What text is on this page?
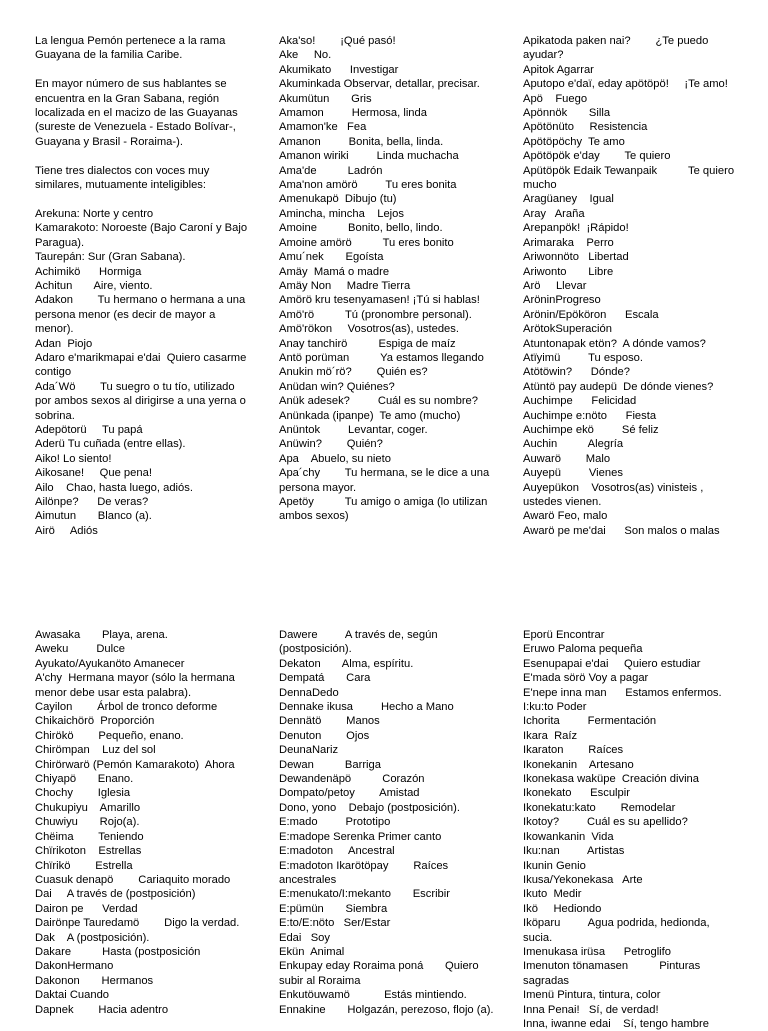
La lengua Pemón pertenece a la rama Guayana de la familia Caribe.

En mayor número de sus hablantes se encuentra en la Gran Sabana, región localizada en el macizo de las Guayanas (sureste de Venezuela - Estado Bolívar-, Guayana y Brasil - Roraima-).

Tiene tres dialectos con voces muy similares, mutuamente inteligibles:

Arekuna: Norte y centro

Kamarakoto: Noroeste (Bajo Caroní y Bajo Paragua).

Taurepán: Sur (Gran Sabana).

Achimikö      Hormiga

Achitun       Aire, viento.

Adakon        Tu hermano o hermana a una persona menor (es decir de mayor a menor).

Adan  Piojo

Adaro e'marikmapai e'dai  Quiero casarme contigo

Ada´Wö        Tu suegro o tu tío, utilizado por ambos sexos al dirigirse a una yerna o sobrina.

Adepötorü     Tu papá

Aderü Tu cuñada (entre ellas).

Aiko! Lo siento!

Aikosane!     Que pena!

Ailo    Chao, hasta luego, adiós.

Ailönpe?      De veras?

Aimutun       Blanco (a).

Airö     Adiós

Aka'so!        ¡Qué pasó!

Ake     No.

Akumikato      Investigar

Akuminkada Observar, detallar, precisar.

Akumütun       Gris

Amamon         Hermosa, linda

Amamon'ke   Fea

Amanon         Bonita, bella, linda.

Amanon wiriki         Linda muchacha

Ama'de          Ladrón

Ama'non amörö         Tu eres bonita

Amenukapö  Dibujo (tu)

Amincha, mincha    Lejos

Amoine          Bonito, bello, lindo.

Amoine amörö          Tu eres bonito

Amu´nek       Egoísta

Amäy  Mamá o madre

Amäy Non     Madre Tierra

Amörö kru tesenyamasen! ¡Tú si hablas!

Amö'rö          Tú (pronombre personal).

Amö'rökon     Vosotros(as), ustedes.

Anay tanchirö          Espiga de maíz

Antö porüman          Ya estamos llegando

Anukin mö´rö?        Quién es?

Anüdan win? Quiénes?

Anük adesek?         Cuál es su nombre?

Anünkada (ipanpe)  Te amo (mucho)

Anüntok         Levantar, coger.

Anüwin?        Quién?

Apa    Abuelo, su nieto

Apa´chy        Tu hermana, se le dice a una persona mayor.

Apetöy          Tu amigo o amiga (lo utilizan ambos sexos)

Apikatoda paken nai?        ¿Te puedo ayudar?

Apitok Agarrar

Aputopo e'daï, eday apötöpö!     ¡Te amo!

Apö    Fuego

Apönnök       Silla

Apötönüto     Resistencia

Apötöpöchy  Te amo

Apötöpök e'day        Te quiero

Apütöpök Edaik Tewanpaik          Te quiero mucho

Aragüaney    Igual

Aray   Araña

Arepanpök!  ¡Rápido!

Arimaraka    Perro

Ariwonnöto   Libertad

Ariwonto       Libre

Arö     Llevar

AröninProgreso

Arönin/Epököron      Escala

ArötokSuperación

Atuntonapak etön?  A dónde vamos?

Atïyimü         Tu esposo.

Atötöwin?      Dónde?

Atüntö pay audepü  De dónde vienes?

Auchimpe      Felicidad

Auchimpe e:nöto      Fiesta

Auchimpe ekö         Sé feliz

Auchin          Alegría

Auwarö        Malo

Auyepü         Vienes

Auyepükon    Vosotros(as) vinisteis , ustedes vienen.

Awarö Feo, malo

Awarö pe me'dai      Son malos o malas

Awasaka       Playa, arena.

Aweku         Dulce

Ayukato/Ayukanöto Amanecer

A'chy  Hermana mayor (sólo la hermana menor debe usar esta palabra).

Cayilon        Árbol de tronco deforme

Chikaichörö  Proporción

Chirökö        Pequeño, enano.

Chirömpan    Luz del sol

Chirörwarö (Pemón Kamarakoto)  Ahora

Chiyapö       Enano.

Chochy        Iglesia

Chukupiyu    Amarillo

Chuwiyu       Rojo(a).

Chëima        Teniendo

Chïrikoton    Estrellas

Chïrikö        Estrella

Cuasuk denapö        Cariaquito morado

Dai     A través de (postposición)

Dairon pe      Verdad

Dairönpe Tauredamö        Digo la verdad.

Dak    A (postposición).

Dakare          Hasta (postposición

DakonHermano

Dakonon       Hermanos

Daktai Cuando

Dapnek        Hacia adentro

Dawere         A través de, según (postposición).

Dekaton       Alma, espíritu.

Dempatá       Cara

DennaDedo

Dennake ikusa         Hecho a Mano

Dennätö        Manos

Denuton        Ojos

DeunaNariz

Dewan          Barriga

Dewandenäpö          Corazón

Dompato/petoy        Amistad

Dono, yono    Debajo (postposición).

E:mado         Prototipo

E:madope Serenka Primer canto

E:madoton     Ancestral

E:madoton Ikarötöpay        Raíces ancestrales

E:menukato/I:mekanto       Escribir

E:pümün       Siembra

E:to/E:nöto   Ser/Estar

Edai   Soy

Ekün  Animal

Enkupay eday Roraima poná       Quiero subir al Roraima

Enkutöuwamö           Estás mintiendo.

Ennakine       Holgazán, perezoso, flojo (a).

Eporü Encontrar

Eruwo Paloma pequeña

Esenupapai e'dai     Quiero estudiar

E'mada sörö Voy a pagar

E'nepe inna man      Estamos enfermos.

I:ku:to Poder

Ichorita         Fermentación

Ikara  Raíz

Ikaraton        Raíces

Ikonekanin    Artesano

Ikonekasa waküpe  Creación divina

Ikonekato      Esculpir

Ikonekatu:kato        Remodelar

Ikotoy?         Cuál es su apellido?

Ikowankanin  Vida

Iku:nan         Artistas

Ikunin Genio

Ikusa/Yekonekasa   Arte

Ikuto  Medir

Ikö     Hediondo

Iköparu         Agua podrida, hedionda, sucia.

Imenukasa irüsa      Petroglifo

Imenuton tönamasen          Pinturas sagradas

Imenü Pintura, tintura, color

Inna Penai!   Sí, de verdad!

Inna, iwanne edai    Sí, tengo hambre
